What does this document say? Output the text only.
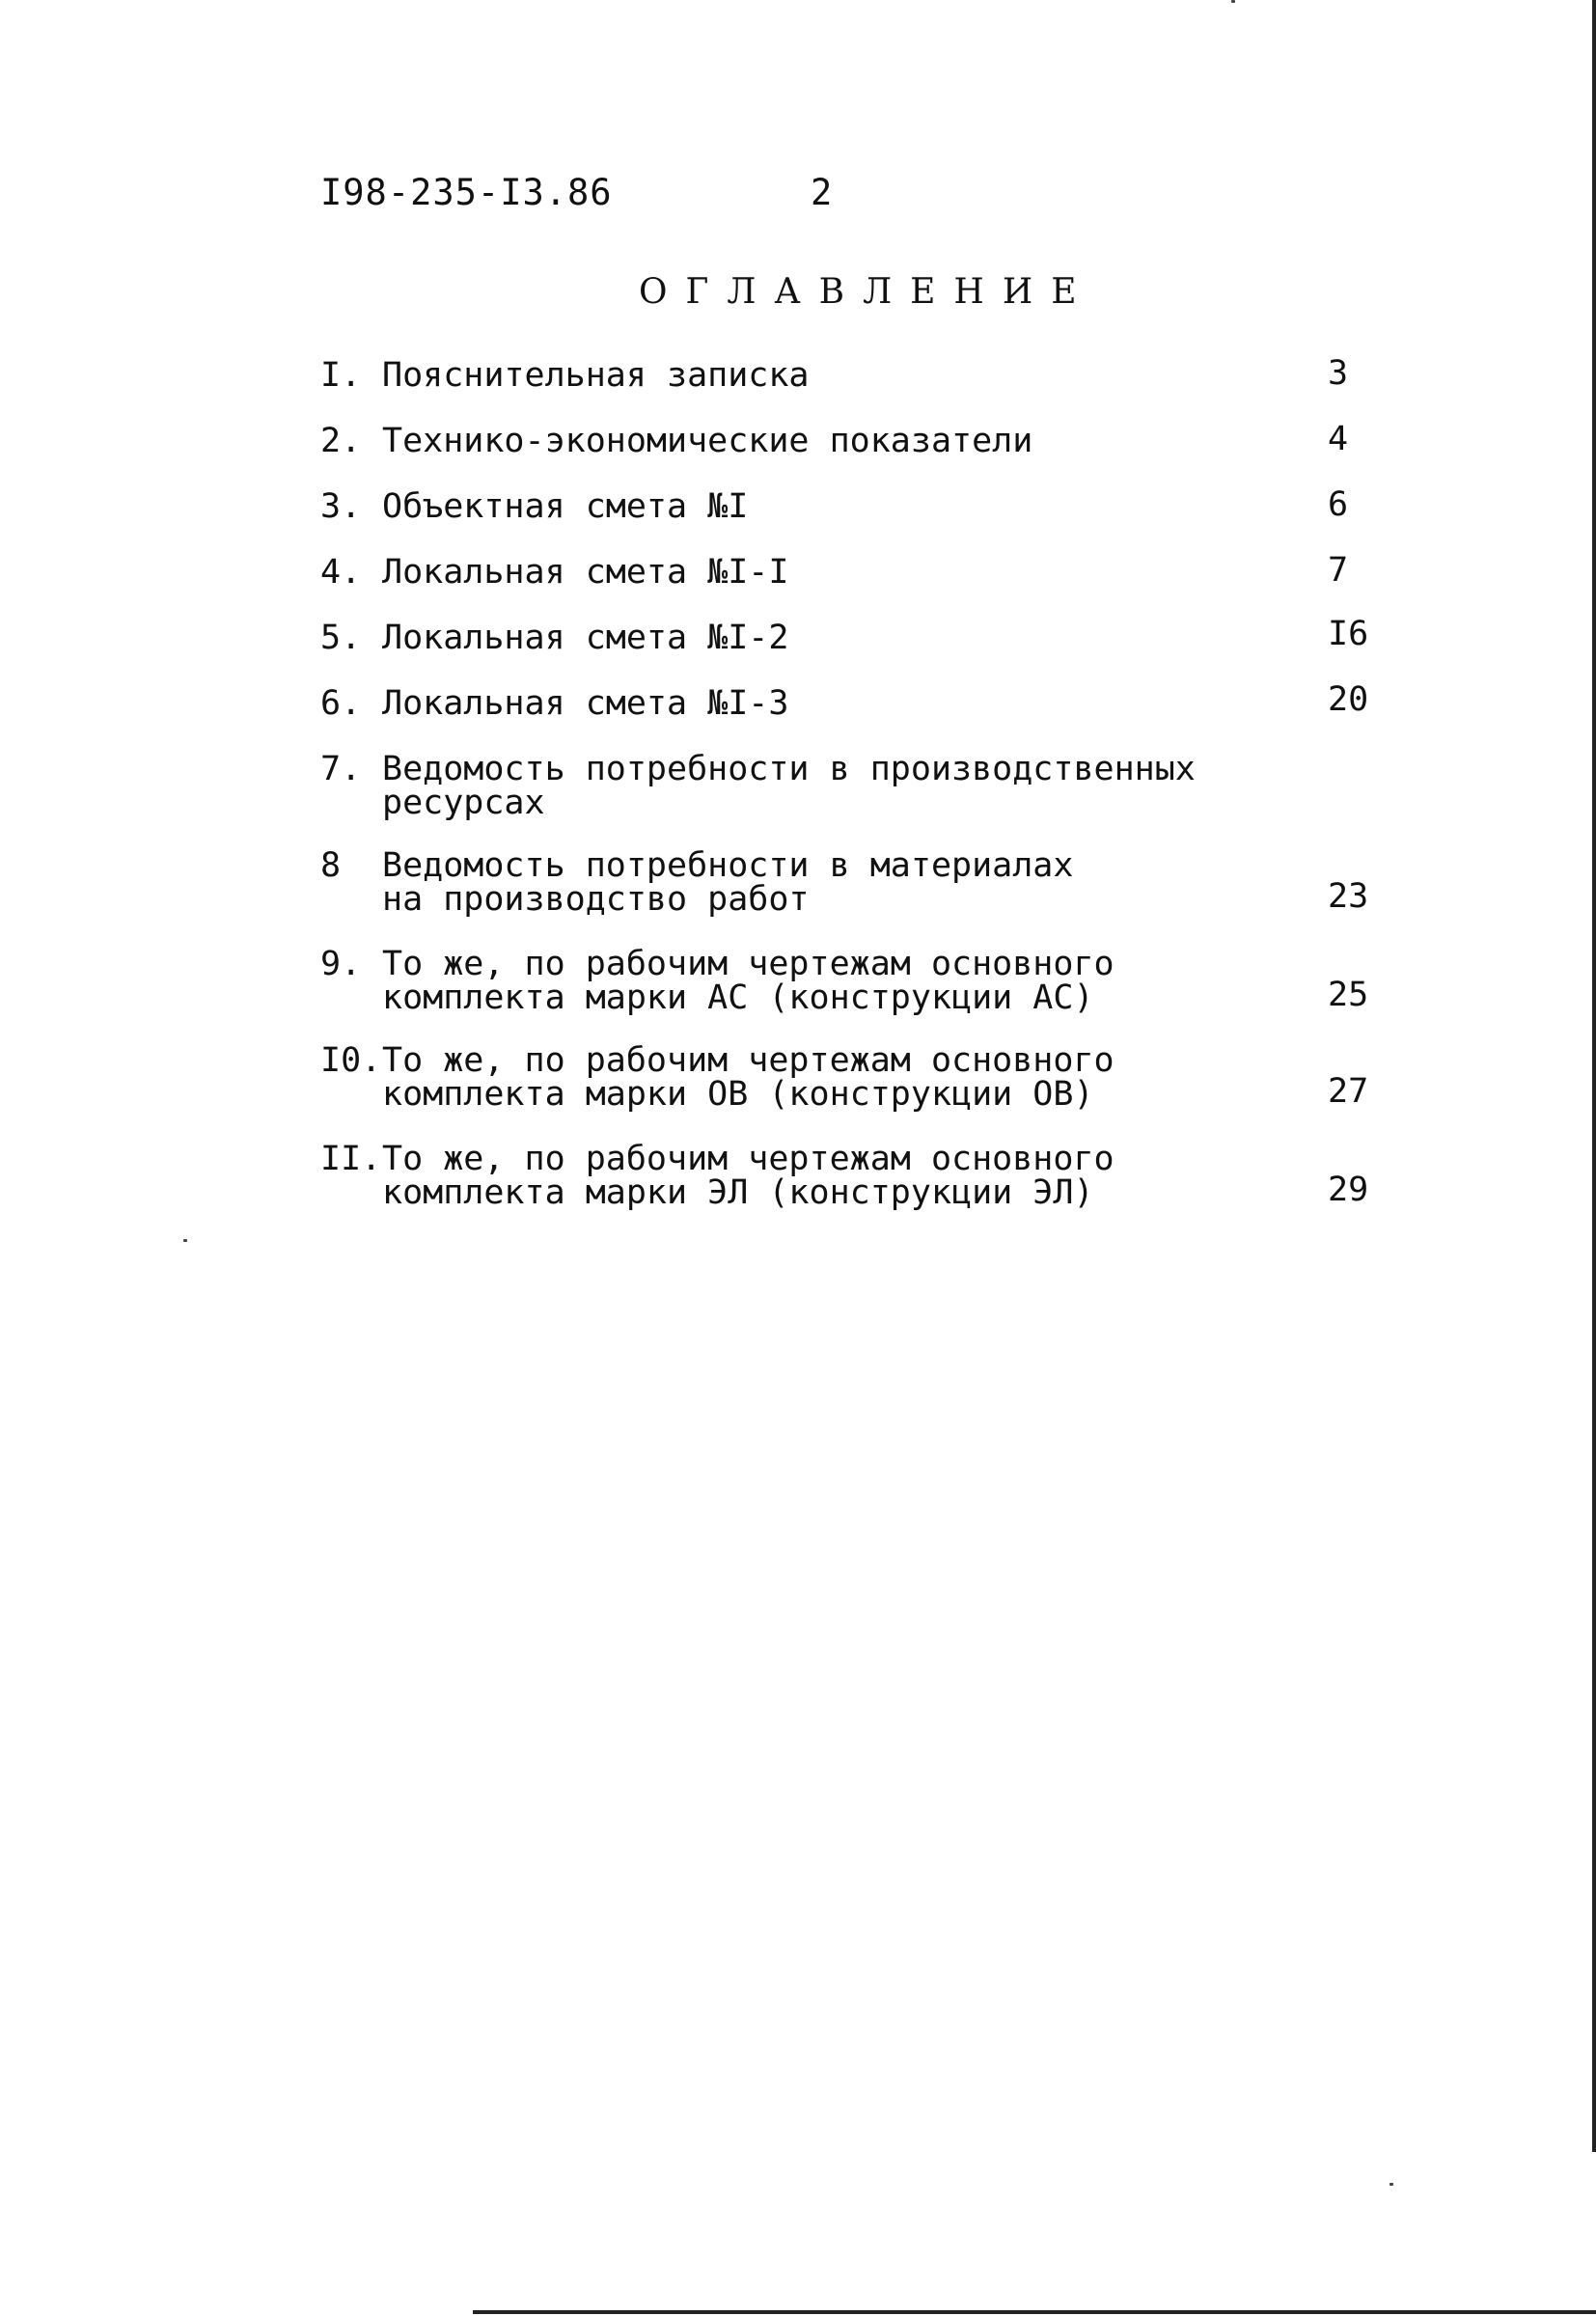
I98-235-I3.86	2
ОГЛАВЛЕНИЕ
I. Пояснительная записка	3
2. Технико-экономические показатели	4
3. Объектная смета №I	6
4. Локальная смета №I-I	7
5. Локальная смета №I-2	I6
6. Локальная смета №I-3	20
7. Ведомость потребности в производственных
ресурсах
8 Ведомость потребности в материалах
на производство работ	23
9. То же, по рабочим чертежам основного
комплекта марки АС (конструкции АС)	25
I0. То же, по рабочим чертежам основного
комплекта марки ОВ (конструкции ОВ)	27
II. То же, по рабочим чертежам основного
комплекта марки ЭЛ (конструкции ЭЛ)	29
